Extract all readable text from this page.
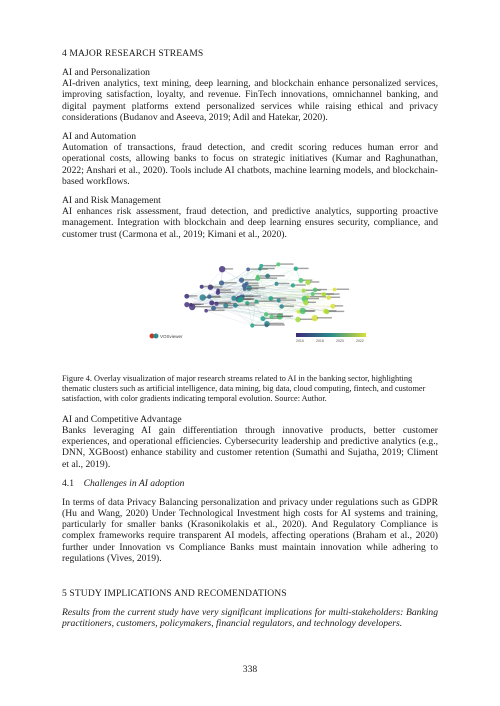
4 MAJOR RESEARCH STREAMS
AI and Personalization

AI-driven analytics, text mining, deep learning, and blockchain enhance personalized services, improving satisfaction, loyalty, and revenue. FinTech innovations, omnichannel banking, and digital payment platforms extend personalized services while raising ethical and privacy considerations (Budanov and Aseeva, 2019; Adil and Hatekar, 2020).

AI and Automation

Automation of transactions, fraud detection, and credit scoring reduces human error and operational costs, allowing banks to focus on strategic initiatives (Kumar and Raghunathan, 2022; Anshari et al., 2020). Tools include AI chatbots, machine learning models, and blockchain-based workflows.

AI and Risk Management

AI enhances risk assessment, fraud detection, and predictive analytics, supporting proactive management. Integration with blockchain and deep learning ensures security, compliance, and customer trust (Carmona et al., 2019; Kimani et al., 2020).

VOSviewer
2016	2018	2020	2022
Figure 4. Overlay visualization of major research streams related to AI in the banking sector, highlighting thematic clusters such as artificial intelligence, data mining, big data, cloud computing, fintech, and customer satisfaction, with color gradients indicating temporal evolution. Source: Author.
AI and Competitive Advantage

Banks leveraging AI gain differentiation through innovative products, better customer experiences, and operational efficiencies. Cybersecurity leadership and predictive analytics (e.g., DNN, XGBoost) enhance stability and customer retention (Sumathi and Sujatha, 2019; Climent et al., 2019).

4.1 Challenges in AI adoption

In terms of data Privacy Balancing personalization and privacy under regulations such as GDPR (Hu and Wang, 2020) Under Technological Investment high costs for AI systems and training, particularly for smaller banks (Krasonikolakis et al., 2020). And Regulatory Compliance is complex frameworks require transparent AI models, affecting operations (Braham et al., 2020) further under Innovation vs Compliance Banks must maintain innovation while adhering to regulations (Vives, 2019).

5 STUDY IMPLICATIONS AND RECOMENDATIONS

Results from the current study have very significant implications for multi-stakeholders: Banking practitioners, customers, policymakers, financial regulators, and technology developers.

338
